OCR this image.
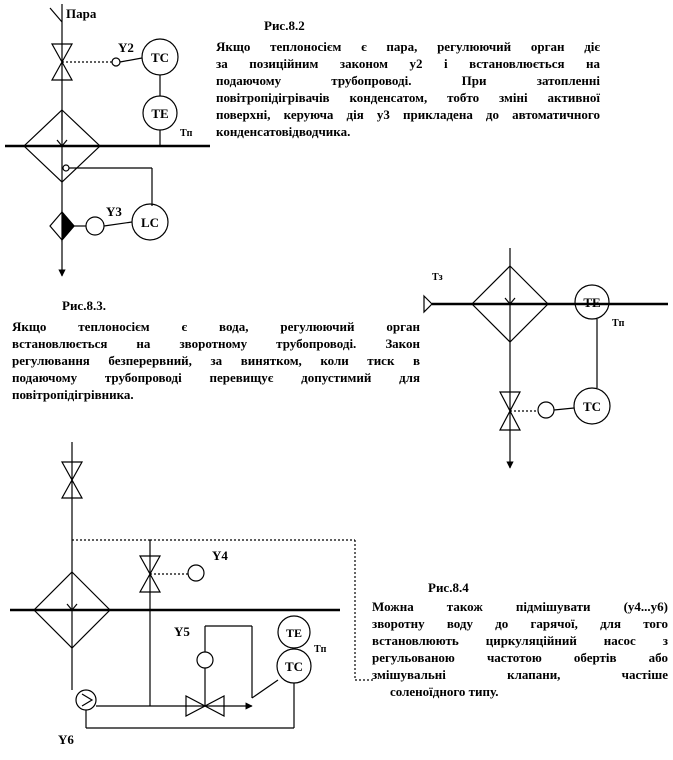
Пара
Y2
TC
TE
Tп
Y3
LC
Tз
TE
Tп
TC
Y4
Y5	TE
Tп
TC
Y6
Рис.8.2
Якщо теплоносієм є пара, регулюючий орган діє
за позиційним законом y2 і встановлюється на
подаючому трубопроводі. При затопленні
повітропідігрівачів конденсатом, тобто зміні активної
поверхні, керуюча дія y3 прикладена до автоматичного
конденсатовідводчика.
Рис.8.3.
Якщо теплоносієм є вода, регулюючий орган
встановлюється на зворотному трубопроводі. Закон
регулювання безперервний, за винятком, коли тиск в
подаючому трубопроводі перевищує допустимий для
повітропідігрівника.
Рис.8.4
Можна також підмішувати (y4...y6)
зворотну воду до гарячої, для того
встановлюють циркуляційний насос з
регульованою частотою обертів або
змішувальні клапани, частіше
соленоїдного типу.
